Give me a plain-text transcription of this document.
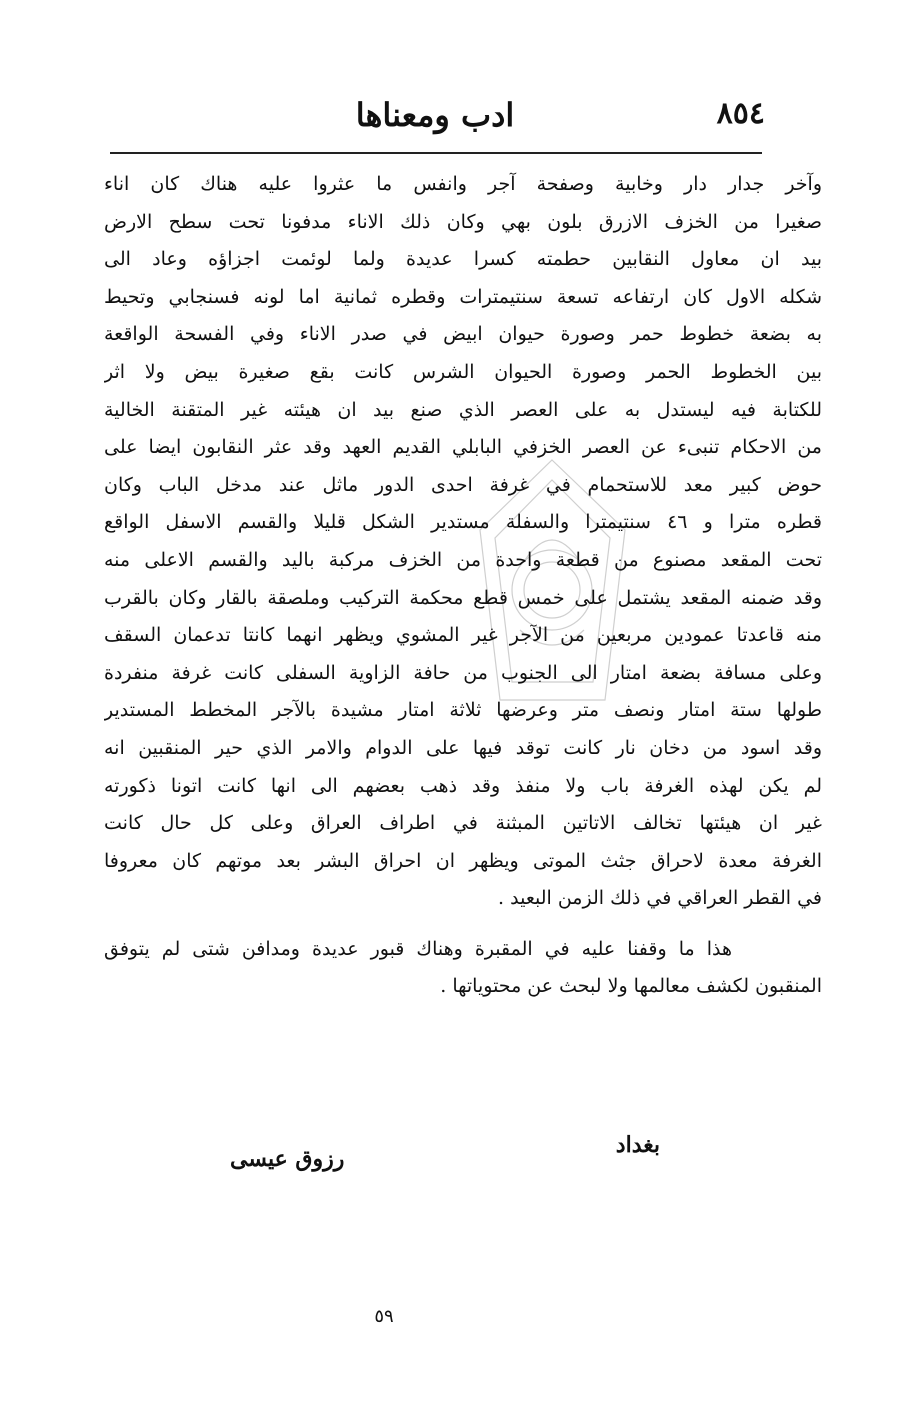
٨٥٤
ادب ومعناها
وآخر جدار دار وخابية وصفحة آجر وانفس ما عثروا عليه هناك كان اناء
صغيرا من الخزف الازرق بلون بهي وكان ذلك الاناء مدفونا تحت سطح الارض
بيد ان معاول النقابين حطمته كسرا عديدة ولما لوئمت اجزاؤه وعاد الى
شكله الاول كان ارتفاعه تسعة سنتيمترات وقطره ثمانية اما لونه فسنجابي وتحيط
به بضعة خطوط حمر وصورة حيوان ابيض في صدر الاناء وفي الفسحة الواقعة
بين الخطوط الحمر وصورة الحيوان الشرس كانت بقع صغيرة بيض ولا اثر
للكتابة فيه ليستدل به على العصر الذي صنع بيد ان هيئته غير المتقنة الخالية
من الاحكام تنبىء عن العصر الخزفي البابلي القديم العهد وقد عثر النقابون ايضا على
حوض كبير معد للاستحمام في غرفة احدى الدور ماثل عند مدخل الباب وكان
قطره مترا و ٤٦ سنتيمترا والسفلة مستدير الشكل قليلا والقسم الاسفل الواقع
تحت المقعد مصنوع من قطعة واحدة من الخزف مركبة باليد والقسم الاعلى منه
وقد ضمنه المقعد يشتمل على خمس قطع محكمة التركيب وملصقة بالقار وكان بالقرب
منه قاعدتا عمودين مربعين من الآجر غير المشوي ويظهر انهما كانتا تدعمان السقف
وعلى مسافة بضعة امتار الى الجنوب من حافة الزاوية السفلى كانت غرفة منفردة
طولها ستة امتار ونصف متر وعرضها ثلاثة امتار مشيدة بالآجر المخطط المستدير
وقد اسود من دخان نار كانت توقد فيها على الدوام والامر الذي حير المنقبين انه
لم يكن لهذه الغرفة باب ولا منفذ وقد ذهب بعضهم الى انها كانت اتونا ذكورته
غير ان هيئتها تخالف الاتاتين المبثنة في اطراف العراق وعلى كل حال كانت
الغرفة معدة لاحراق جثث الموتى ويظهر ان احراق البشر بعد موتهم كان معروفا
في القطر العراقي في ذلك الزمن البعيد .
هذا ما وقفنا عليه في المقبرة وهناك قبور عديدة ومدافن شتى لم يتوفق
المنقبون لكشف معالمها ولا لبحث عن محتوياتها .
بغداد
رزوق عيسى
٥٩
